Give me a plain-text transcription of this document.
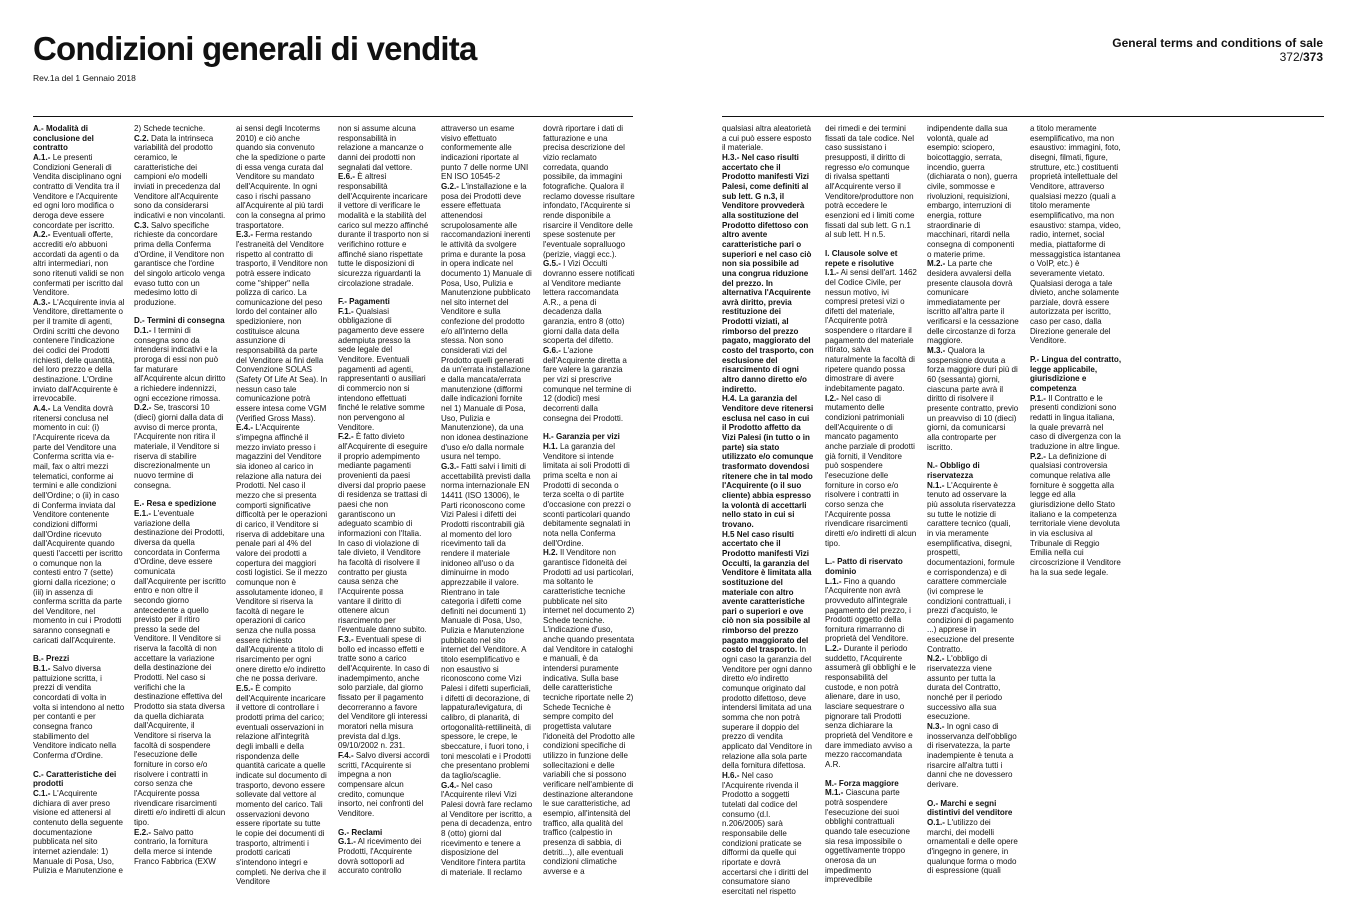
Condizioni generali di vendita
Rev.1a del 1 Gennaio 2018
General terms and conditions of sale
372/373

A.- Modalità di conclusione del contratto

A.1.- Le presenti Condizioni Generali di Vendita disciplinano ogni contratto di Vendita tra il Venditore e l'Acquirente ed ogni loro modifica o deroga deve essere concordate per iscritto.

A.2.- Eventuali offerte, accrediti e/o abbuoni accordati da agenti o da altri intermediari, non sono ritenuti validi se non confermati per iscritto dal Venditore.

A.3.- L'Acquirente invia al Venditore, direttamente o per il tramite di agenti, Ordini scritti che devono contenere l'indicazione dei codici dei Prodotti richiesti, delle quantità, del loro prezzo e della destinazione. L'Ordine inviato dall'Acquirente è irrevocabile.

A.4.- La Vendita dovrà ritenersi conclusa nel momento in cui: (i) l'Acquirente riceva da parte del Venditore una Conferma scritta via e-mail, fax o altri mezzi telematici, conforme ai termini e alle condizioni dell'Ordine; o (ii) in caso di Conferma inviata dal Venditore contenente condizioni difformi dall'Ordine ricevuto dall'Acquirente quando questi l'accetti per iscritto o comunque non la contesti entro 7 (sette) giorni dalla ricezione; o (iii) in assenza di conferma scritta da parte del Venditore, nel momento in cui i Prodotti saranno consegnati e caricati dall'Acquirente.

B.- Prezzi

B.1.- Salvo diversa pattuizione scritta, i prezzi di vendita concordati di volta in volta si intendono al netto per contanti e per consegna franco stabilimento del Venditore indicato nella Conferma d'Ordine.

C.- Caratteristiche dei prodotti

C.1.- L'Acquirente dichiara di aver preso visione ed attenersi al contenuto della seguente documentazione pubblicata nel sito internet aziendale: 1) Manuale di Posa, Uso, Pulizia e Manutenzione e

2) Schede tecniche.

C.2. Data la intrinseca variabilità del prodotto ceramico, le caratteristiche dei campioni e/o modelli inviati in precedenza dal Venditore all'Acquirente sono da considerarsi indicativi e non vincolanti.

C.3. Salvo specifiche richieste da concordare prima della Conferma d'Ordine, il Venditore non garantisce che l'ordine del singolo articolo venga evaso tutto con un medesimo lotto di produzione.

D.- Termini di consegna

D.1.- I termini di consegna sono da intendersi indicativi e la proroga di essi non può far maturare all'Acquirente alcun diritto a richiedere indennizzi, ogni eccezione rimossa.

D.2.- Se, trascorsi 10 (dieci) giorni dalla data di avviso di merce pronta, l'Acquirente non ritira il materiale, il Venditore si riserva di stabilire discrezionalmente un nuovo termine di consegna.

E.- Resa e spedizione

E.1.- L'eventuale variazione della destinazione dei Prodotti, diversa da quella concordata in Conferma d'Ordine, deve essere comunicata dall'Acquirente per iscritto entro e non oltre il secondo giorno antecedente a quello previsto per il ritiro presso la sede del Venditore. Il Venditore si riserva la facoltà di non accettare la variazione della destinazione dei Prodotti. Nel caso si verifichi che la destinazione effettiva del Prodotto sia stata diversa da quella dichiarata dall'Acquirente, il Venditore si riserva la facoltà di sospendere l'esecuzione delle forniture in corso e/o risolvere i contratti in corso senza che l'Acquirente possa rivendicare risarcimenti diretti e/o indiretti di alcun tipo.

E.2.- Salvo patto contrario, la fornitura della merce si intende Franco Fabbrica (EXW

ai sensi degli Incoterms 2010) e ciò anche quando sia convenuto che la spedizione o parte di essa venga curata dal Venditore su mandato dell'Acquirente. In ogni caso i rischi passano all'Acquirente al più tardi con la consegna al primo trasportatore.

E.3.- Ferma restando l'estraneità del Venditore rispetto al contratto di trasporto, il Venditore non potrà essere indicato come "shipper" nella polizza di carico. La comunicazione del peso lordo del container allo spedizioniere, non costituisce alcuna assunzione di responsabilità da parte del Venditore ai fini della Convenzione SOLAS (Safety Of Life At Sea). In nessun caso tale comunicazione potrà essere intesa come VGM (Verified Gross Mass).

E.4.- L'Acquirente s'impegna affinché il mezzo inviato presso i magazzini del Venditore sia idoneo al carico in relazione alla natura dei Prodotti. Nel caso il mezzo che si presenta comporti significative difficoltà per le operazioni di carico, il Venditore si riserva di addebitare una penale pari al 4% del valore dei prodotti a copertura dei maggiori costi logistici. Se il mezzo comunque non è assolutamente idoneo, il Venditore si riserva la facoltà di negare le operazioni di carico senza che nulla possa essere richiesto dall'Acquirente a titolo di risarcimento per ogni onere diretto e/o indiretto che ne possa derivare.

E.5.- È compito dell'Acquirente incaricare il vettore di controllare i prodotti prima del carico; eventuali osservazioni in relazione all'integrità degli imballi e della rispondenza delle quantità caricate a quelle indicate sul documento di trasporto, devono essere sollevate dal vettore al momento del carico. Tali osservazioni devono essere riportate su tutte le copie dei documenti di trasporto, altrimenti i prodotti caricati s'intendono integri e completi. Ne deriva che il Venditore

non si assume alcuna responsabilità in relazione a mancanze o danni dei prodotti non segnalati dal vettore.

E.6.- È altresì responsabilità dell'Acquirente incaricare il vettore di verificare le modalità e la stabilità del carico sul mezzo affinché durante il trasporto non si verifichino rotture e affinché siano rispettate tutte le disposizioni di sicurezza riguardanti la circolazione stradale.

F.- Pagamenti

F.1.- Qualsiasi obbligazione di pagamento deve essere adempiuta presso la sede legale del Venditore. Eventuali pagamenti ad agenti, rappresentanti o ausiliari di commercio non si intendono effettuati finché le relative somme non pervengono al Venditore.

F.2.- È fatto divieto all'Acquirente di eseguire il proprio adempimento mediante pagamenti provenienti da paesi diversi dal proprio paese di residenza se trattasi di paesi che non garantiscono un adeguato scambio di informazioni con l'Italia. In caso di violazione di tale divieto, il Venditore ha facoltà di risolvere il contratto per giusta causa senza che l'Acquirente possa vantare il diritto di ottenere alcun risarcimento per l'eventuale danno subito.

F.3.- Eventuali spese di bollo ed incasso effetti e tratte sono a carico dell'Acquirente. In caso di inadempimento, anche solo parziale, dal giorno fissato per il pagamento decorreranno a favore del Venditore gli interessi moratori nella misura prevista dal d.lgs. 09/10/2002 n. 231.

F.4.- Salvo diversi accordi scritti, l'Acquirente si impegna a non compensare alcun credito, comunque insorto, nei confronti del Venditore.

G.- Reclami

G.1.- Al ricevimento dei Prodotti, l'Acquirente dovrà sottoporli ad accurato controllo

attraverso un esame visivo effettuato conformemente alle indicazioni riportate al punto 7 delle norme UNI EN ISO 10545-2

G.2.- L'installazione e la posa dei Prodotti deve essere effettuata attenendosi scrupolosamente alle raccomandazioni inerenti le attività da svolgere prima e durante la posa in opera indicate nel documento 1) Manuale di Posa, Uso, Pulizia e Manutenzione pubblicato nel sito internet del Venditore e sulla confezione del prodotto e/o all'interno della stessa. Non sono considerati vizi del Prodotto quelli generati da un'errata installazione e dalla mancata/errata manutenzione (difformi dalle indicazioni fornite nel 1) Manuale di Posa, Uso, Pulizia e Manutenzione), da una non idonea destinazione d'uso e/o dalla normale usura nel tempo.

G.3.- Fatti salvi i limiti di accettabilità previsti dalla norma internazionale EN 14411 (ISO 13006), le Parti riconoscono come Vizi Palesi i difetti dei Prodotti riscontrabili già al momento del loro ricevimento tali da rendere il materiale inidoneo all'uso o da diminuirne in modo apprezzabile il valore. Rientrano in tale categoria i difetti come definiti nei documenti 1) Manuale di Posa, Uso, Pulizia e Manutenzione pubblicato nel sito internet del Venditore. A titolo esemplificativo e non esaustivo si riconoscono come Vizi Palesi i difetti superficiali, i difetti di decorazione, di lappatura/levigatura, di calibro, di planarità, di ortogonalità-rettilineità, di spessore, le crepe, le sbeccature, i fuori tono, i toni mescolati e i Prodotti che presentano problemi da taglio/scaglie.

G.4.- Nel caso l'Acquirente rilevi Vizi Palesi dovrà fare reclamo al Venditore per iscritto, a pena di decadenza, entro 8 (otto) giorni dal ricevimento e tenere a disposizione del Venditore l'intera partita di materiale. Il reclamo

dovrà riportare i dati di fatturazione e una precisa descrizione del vizio reclamato corredata, quando possibile, da immagini fotografiche. Qualora il reclamo dovesse risultare infondato, l'Acquirente si rende disponibile a risarcire il Venditore delle spese sostenute per l'eventuale sopralluogo (perizie, viaggi ecc.).

G.5.- I Vizi Occulti dovranno essere notificati al Venditore mediante lettera raccomandata A.R., a pena di decadenza dalla garanzia, entro 8 (otto) giorni dalla data della scoperta del difetto.

G.6.- L'azione dell'Acquirente diretta a fare valere la garanzia per vizi si prescrive comunque nel termine di 12 (dodici) mesi decorrenti dalla consegna dei Prodotti.

H.- Garanzia per vizi

H.1. La garanzia del Venditore si intende limitata ai soli Prodotti di prima scelta e non ai Prodotti di seconda o terza scelta o di partite d'occasione con prezzi o sconti particolari quando debitamente segnalati in nota nella Conferma dell'Ordine.

H.2. Il Venditore non garantisce l'idoneità dei Prodotti ad usi particolari, ma soltanto le caratteristiche tecniche pubblicate nel sito internet nel documento 2) Schede tecniche. L'indicazione d'uso, anche quando presentata dal Venditore in cataloghi e manuali, è da intendersi puramente indicativa. Sulla base delle caratteristiche tecniche riportate nelle 2) Schede Tecniche è sempre compito del progettista valutare l'idoneità del Prodotto alle condizioni specifiche di utilizzo in funzione delle sollecitazioni e delle variabili che si possono verificare nell'ambiente di destinazione alterandone le sue caratteristiche, ad esempio, all'intensità del traffico, alla qualità del traffico (calpestio in presenza di sabbia, di detriti...), alle eventuali condizioni climatiche avverse e a

qualsiasi altra aleatorietà a cui può essere esposto il materiale.

H.3.- Nel caso risulti accertato che il Prodotto manifesti Vizi Palesi, come definiti al sub lett. G n.3, il Venditore provvederà alla sostituzione del Prodotto difettoso con altro avente caratteristiche pari o superiori e nel caso ciò non sia possibile ad una congrua riduzione del prezzo. In alternativa l'Acquirente avrà diritto, previa restituzione dei Prodotti viziati, al rimborso del prezzo pagato, maggiorato del costo del trasporto, con esclusione del risarcimento di ogni altro danno diretto e/o indiretto.

H.4. La garanzia del Venditore deve ritenersi esclusa nel caso in cui il Prodotto affetto da Vizi Palesi (in tutto o in parte) sia stato utilizzato e/o comunque trasformato dovendosi ritenere che in tal modo l'Acquirente (o il suo cliente) abbia espresso la volontà di accettarli nello stato in cui si trovano.

H.5 Nel caso risulti accertato che il Prodotto manifesti Vizi Occulti, la garanzia del Venditore è limitata alla sostituzione del materiale con altro avente caratteristiche pari o superiori e ove ciò non sia possibile al rimborso del prezzo pagato maggiorato del costo del trasporto. In ogni caso la garanzia del Venditore per ogni danno diretto e/o indiretto comunque originato dal prodotto difettoso, deve intendersi limitata ad una somma che non potrà superare il doppio del prezzo di vendita applicato dal Venditore in relazione alla sola parte della fornitura difettosa.

H.6.- Nel caso l'Acquirente rivenda il Prodotto a soggetti tutelati dal codice del consumo (d.l. n.206/2005) sarà responsabile delle condizioni praticate se difformi da quelle qui riportate e dovrà accertarsi che i diritti del consumatore siano esercitati nel rispetto

dei rimedi e dei termini fissati da tale codice. Nel caso sussistano i presupposti, il diritto di regresso e/o comunque di rivalsa spettanti all'Acquirente verso il Venditore/produttore non potrà eccedere le esenzioni ed i limiti come fissati dal sub lett. G n.1 al sub lett. H n.5.

I. Clausole solve et repete e risolutive

I.1.- Ai sensi dell'art. 1462 del Codice Civile, per nessun motivo, ivi compresi pretesi vizi o difetti del materiale, l'Acquirente potrà sospendere o ritardare il pagamento del materiale ritirato, salva naturalmente la facoltà di ripetere quando possa dimostrare di avere indebitamente pagato.

I.2.- Nel caso di mutamento delle condizioni patrimoniali dell'Acquirente o di mancato pagamento anche parziale di prodotti già forniti, il Venditore può sospendere l'esecuzione delle forniture in corso e/o risolvere i contratti in corso senza che l'Acquirente possa rivendicare risarcimenti diretti e/o indiretti di alcun tipo.

L.- Patto di riservato dominio

L.1.- Fino a quando l'Acquirente non avrà provveduto all'integrale pagamento del prezzo, i Prodotti oggetto della fornitura rimarranno di proprietà del Venditore.

L.2.- Durante il periodo suddetto, l'Acquirente assumerà gli obblighi e le responsabilità del custode, e non potrà alienare, dare in uso, lasciare sequestrare o pignorare tali Prodotti senza dichiarare la proprietà del Venditore e dare immediato avviso a mezzo raccomandata A.R.

M.- Forza maggiore

M.1.- Ciascuna parte potrà sospendere l'esecuzione dei suoi obblighi contrattuali quando tale esecuzione sia resa impossibile o oggettivamente troppo onerosa da un impedimento imprevedibile

indipendente dalla sua volontà, quale ad esempio: sciopero, boicottaggio, serrata, incendio, guerra (dichiarata o non), guerra civile, sommosse e rivoluzioni, requisizioni, embargo, interruzioni di energia, rotture straordinarie di macchinari, ritardi nella consegna di componenti o materie prime.

M.2.- La parte che desidera avvalersi della presente clausola dovrà comunicare immediatamente per iscritto all'altra parte il verificarsi e la cessazione delle circostanze di forza maggiore.

M.3.- Qualora la sospensione dovuta a forza maggiore duri più di 60 (sessanta) giorni, ciascuna parte avrà il diritto di risolvere il presente contratto, previo un preavviso di 10 (dieci) giorni, da comunicarsi alla controparte per iscritto.

N.- Obbligo di riservatezza

N.1.- L'Acquirente è tenuto ad osservare la più assoluta riservatezza su tutte le notizie di carattere tecnico (quali, in via meramente esemplificativa, disegni, prospetti, documentazioni, formule e corrispondenza) e di carattere commerciale (ivi comprese le condizioni contrattuali, i prezzi d'acquisto, le condizioni di pagamento ...) apprese in esecuzione del presente Contratto.

N.2.- L'obbligo di riservatezza viene assunto per tutta la durata del Contratto, nonché per il periodo successivo alla sua esecuzione.

N.3.- In ogni caso di inosservanza dell'obbligo di riservatezza, la parte inadempiente è tenuta a risarcire all'altra tutti i danni che ne dovessero derivare.

O.- Marchi e segni distintivi del venditore

O.1.- L'utilizzo dei marchi, dei modelli ornamentali e delle opere d'ingegno in genere, in qualunque forma o modo di espressione (quali

a titolo meramente esemplificativo, ma non esaustivo: immagini, foto, disegni, filmati, figure, strutture, etc.) costituenti proprietà intellettuale del Venditore, attraverso qualsiasi mezzo (quali a titolo meramente esemplificativo, ma non esaustivo: stampa, video, radio, internet, social media, piattaforme di messaggistica istantanea o VoIP, etc.) è severamente vietato. Qualsiasi deroga a tale divieto, anche solamente parziale, dovrà essere autorizzata per iscritto, caso per caso, dalla Direzione generale del Venditore.

P.- Lingua del contratto, legge applicabile, giurisdizione e competenza

P.1.- Il Contratto e le presenti condizioni sono redatti in lingua italiana, la quale prevarrà nel caso di divergenza con la traduzione in altre lingue.

P.2.- La definizione di qualsiasi controversia comunque relativa alle forniture è soggetta alla legge ed alla giurisdizione dello Stato italiano e la competenza territoriale viene devoluta in via esclusiva al Tribunale di Reggio Emilia nella cui circoscrizione il Venditore ha la sua sede legale.
